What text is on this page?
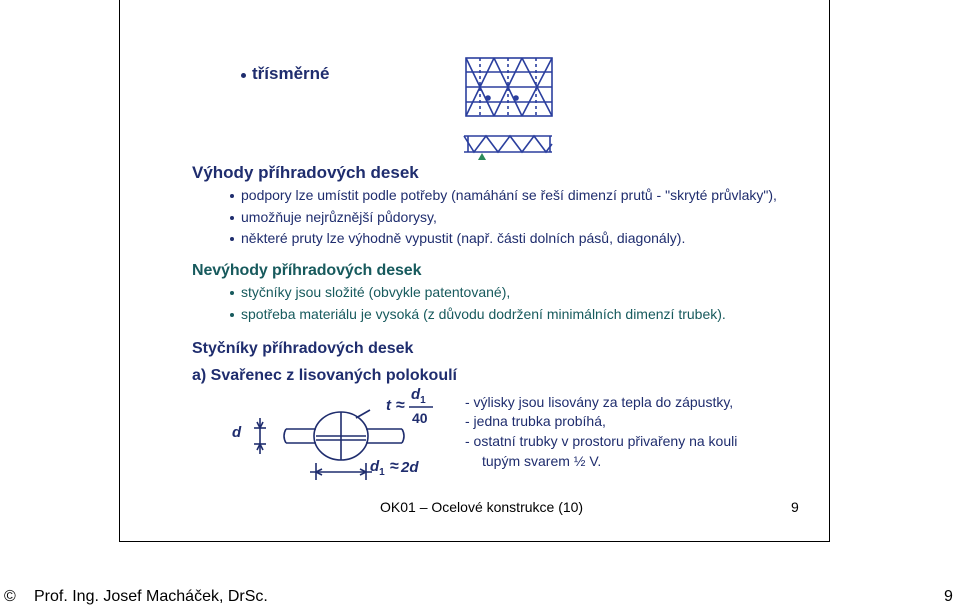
třísměrné
Výhody příhradových desek
podpory lze umístit podle potřeby (namáhání se řeší dimenzí prutů - "skryté průvlaky"),
umožňuje nejrůznější půdorysy,
některé pruty lze výhodně vypustit (např. části dolních pásů, diagonály).
Nevýhody příhradových desek
styčníky jsou složité (obvykle patentované),
spotřeba materiálu je vysoká (z důvodu dodržení minimálních dimenzí trubek).
Styčníky příhradových desek
a) Svařenec z lisovaných polokoulí
d
t ≈
$d_1$
40
$d_1 \approx 2d$
- výlisky jsou lisovány za tepla do zápustky,
- jedna trubka probíhá,
- ostatní trubky v prostoru přivařeny na kouli
tupým svarem ½ V.
OK01 – Ocelové konstrukce (10)	9
© Prof. Ing. Josef Macháček, DrSc.	9
